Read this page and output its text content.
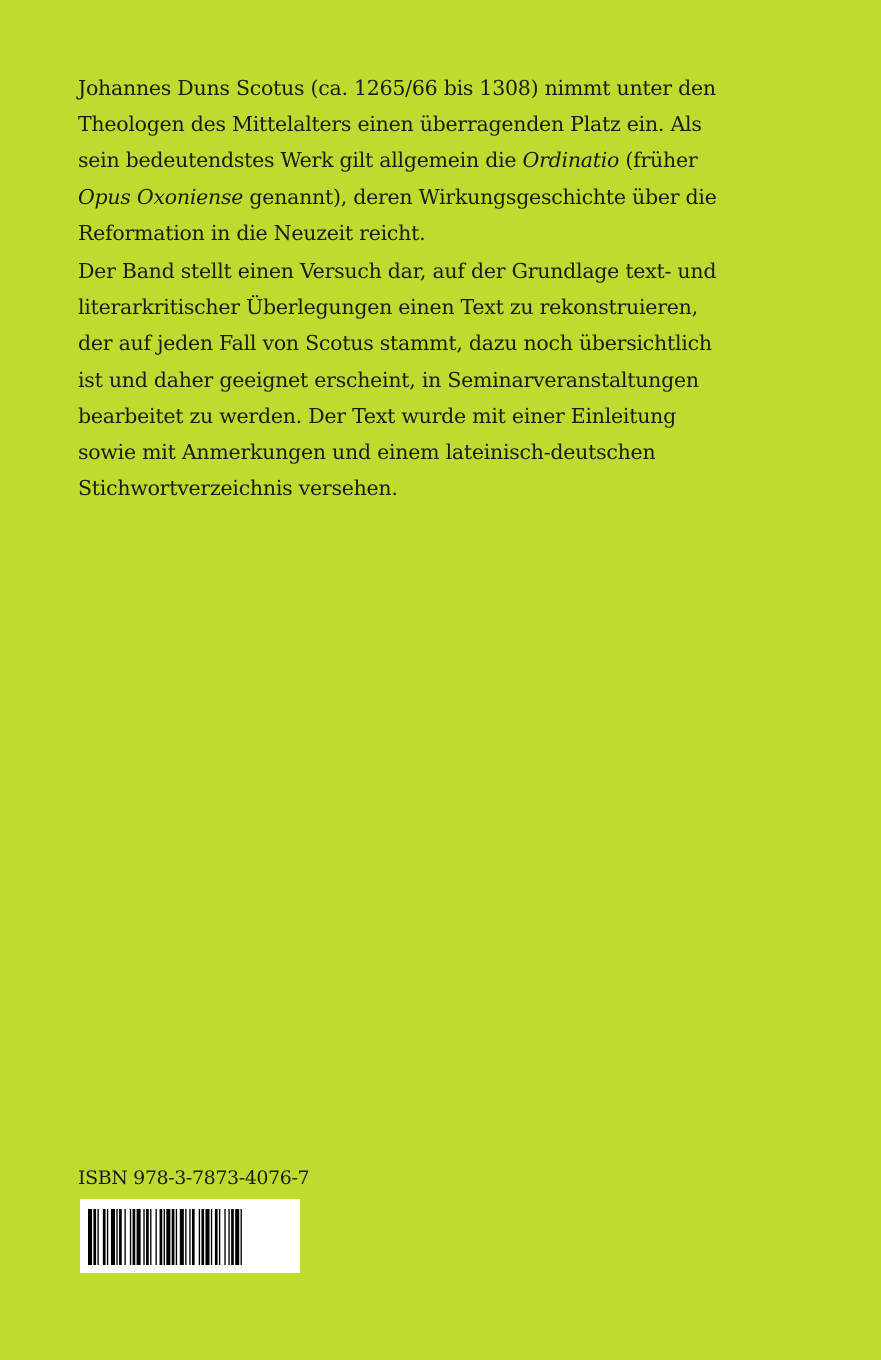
Johannes Duns Scotus (ca. 1265/66 bis 1308) nimmt unter den
Theologen des Mittelalters einen überragenden Platz ein. Als
sein bedeutendstes Werk gilt allgemein die Ordinatio (früher
Opus Oxoniense genannt), deren Wirkungsgeschichte über die
Reformation in die Neuzeit reicht.
Der Band stellt einen Versuch dar, auf der Grundlage text- und
literarkritischer Überlegungen einen Text zu rekonstruieren,
der auf jeden Fall von Scotus stammt, dazu noch übersichtlich
ist und daher geeignet erscheint, in Seminarveranstaltungen
bearbeitet zu werden. Der Text wurde mit einer Einleitung
sowie mit Anmerkungen und einem lateinisch-deutschen
Stichwortverzeichnis versehen.
ISBN 978-3-7873-4076-7
